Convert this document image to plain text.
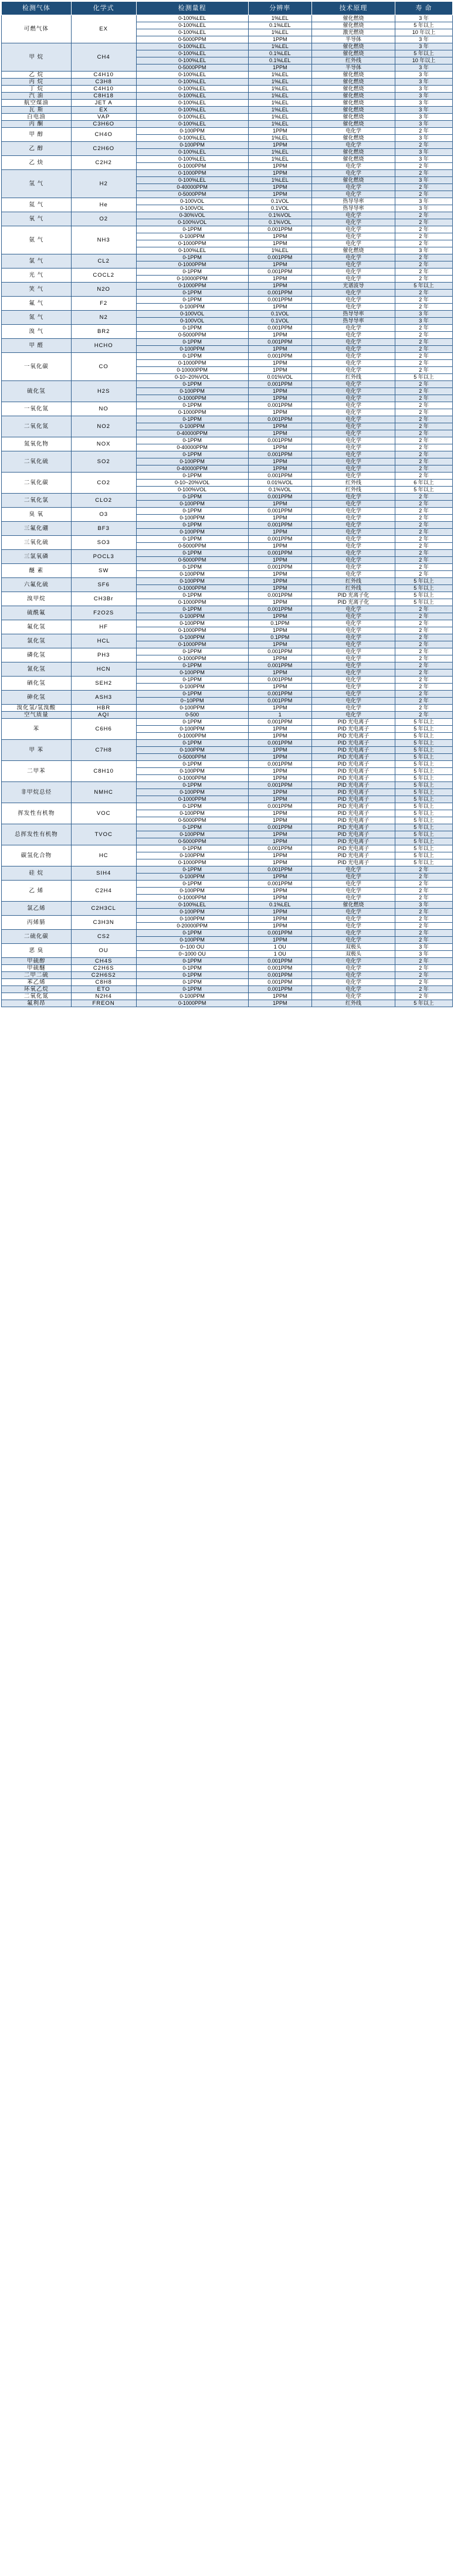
检测气体	化学式	检测量程	分辨率	技术原理	寿 命
可燃气体	EX	0-100%LEL	1%LEL	催化燃烧	3 年
		0-100%LEL	0.1%LEL	催化燃烧	5 年以上
		0-100%LEL	1%LEL	激光燃烧	10 年以上
		0-5000PPM	1PPM	半导体	3 年
甲 烷	CH4	0-100%LEL	1%LEL	催化燃烧	3 年
		0-100%LEL	0.1%LEL	催化燃烧	5 年以上
		0-100%LEL	0.1%LEL	红外线	10 年以上
		0-5000PPM	1PPM	半导体	3 年
乙 烷	C4H10	0-100%LEL	1%LEL	催化燃烧	3 年
丙 烷	C3H8	0-100%LEL	1%LEL	催化燃烧	3 年
丁 烷	C4H10	0-100%LEL	1%LEL	催化燃烧	3 年
汽 油	C8H18	0-100%LEL	1%LEL	催化燃烧	3 年
航空煤油	JET A	0-100%LEL	1%LEL	催化燃烧	3 年
瓦 斯	EX	0-100%LEL	1%LEL	催化燃烧	3 年
白电油	VAP	0-100%LEL	1%LEL	催化燃烧	3 年
丙 酮	C3H6O	0-100%LEL	1%LEL	催化燃烧	3 年
甲 醇	CH4O	0-100PPM	1PPM	电化学	2 年
		0-100%LEL	1%LEL	催化燃烧	3 年
乙 醇	C2H6O	0-100PPM	1PPM	电化学	2 年
		0-100%LEL	1%LEL	催化燃烧	3 年
乙 炔	C2H2	0-100%LEL	1%LEL	催化燃烧	3 年
		0-1000PPM	1PPM	电化学	2 年
氢 气	H2	0-1000PPM	1PPM	电化学	2 年
		0-100%LEL	1%LEL	催化燃烧	3 年
		0-40000PPM	1PPM	电化学	2 年
		0-5000PPM	1PPM	电化学	2 年
氦 气	He	0-100VOL	0.1VOL	热导导率	3 年
		0-100VOL	0.1VOL	热导导率	3 年
氧 气	O2	0-30%VOL	0.1%VOL	电化学	2 年
		0-100%VOL	0.1%VOL	电化学	2 年
氨 气	NH3	0-1PPM	0.001PPM	电化学	2 年
		0-100PPM	1PPM	电化学	2 年
		0-1000PPM	1PPM	电化学	2 年
		0-100%LEL	1%LEL	催化燃烧	3 年
氯 气	CL2	0-1PPM	0.001PPM	电化学	2 年
		0-1000PPM	1PPM	电化学	2 年
光 气	COCL2	0-1PPM	0.001PPM	电化学	2 年
		0-10000PPM	1PPM	电化学	2 年
笑 气	N2O	0-1000PPM	1PPM	光谱波导	5 年以上
		0-1PPM	0.001PPM	电化学	2 年
氟 气	F2	0-1PPM	0.001PPM	电化学	2 年
		0-100PPM	1PPM	电化学	2 年
氮 气	N2	0-100VOL	0.1VOL	热导导率	3 年
		0-100VOL	0.1VOL	热导导率	3 年
溴 气	BR2	0-1PPM	0.001PPM	电化学	2 年
		0-5000PPM	1PPM	电化学	2 年
甲 醛	HCHO	0-1PPM	0.001PPM	电化学	2 年
		0-100PPM	1PPM	电化学	2 年
一氧化碳	CO	0-1PPM	0.001PPM	电化学	2 年
		0-1000PPM	1PPM	电化学	2 年
		0-10000PPM	1PPM	电化学	2 年
		0-10~20%VOL	0.01%VOL	红外线	5 年以上
硫化氢	H2S	0-1PPM	0.001PPM	电化学	2 年
		0-100PPM	1PPM	电化学	2 年
		0-1000PPM	1PPM	电化学	2 年
一氧化氮	NO	0-1PPM	0.001PPM	电化学	2 年
		0-1000PPM	1PPM	电化学	2 年
二氧化氮	NO2	0-1PPM	0.001PPM	电化学	2 年
		0-100PPM	1PPM	电化学	2 年
		0-40000PPM	1PPM	电化学	2 年
氮氧化物	NOX	0-1PPM	0.001PPM	电化学	2 年
		0-40000PPM	1PPM	电化学	2 年
二氧化硫	SO2	0-1PPM	0.001PPM	电化学	2 年
		0-100PPM	1PPM	电化学	2 年
		0-40000PPM	1PPM	电化学	2 年
二氧化碳	CO2	0-1PPM	0.001PPM	电化学	2 年
		0-10~20%VOL	0.01%VOL	红外线	6 年以上
		0-100%VOL	0.1%VOL	红外线	5 年以上
二氧化氯	CLO2	0-1PPM	0.001PPM	电化学	2 年
		0-100PPM	1PPM	电化学	2 年
臭 氧	O3	0-1PPM	0.001PPM	电化学	2 年
		0-100PPM	1PPM	电化学	2 年
三氟化硼	BF3	0-1PPM	0.001PPM	电化学	2 年
		0-100PPM	1PPM	电化学	2 年
三氧化硫	SO3	0-1PPM	0.001PPM	电化学	2 年
		0-5000PPM	1PPM	电化学	2 年
三氯氧磷	POCL3	0-1PPM	0.001PPM	电化学	2 年
		0-5000PPM	1PPM	电化学	2 年
醚 素	SW	0-1PPM	0.001PPM	电化学	2 年
		0-100PPM	1PPM	电化学	2 年
六氟化硫	SF6	0-100PPM	1PPM	红外线	5 年以上
		0-1000PPM	1PPM	红外线	5 年以上
溴甲烷	CH3Br	0-1PPM	0.001PPM	PID 光离子化	5 年以上
		0-1000PPM	1PPM	PID 光离子化	5 年以上
硫酰氟	F2O2S	0-1PPM	0.001PPM	电化学	2 年
		0-100PPM	1PPM	电化学	2 年
氟化氢	HF	0-100PPM	0.1PPM	电化学	2 年
		0-1000PPM	1PPM	电化学	2 年
氯化氢	HCL	0-100PPM	0.1PPM	电化学	2 年
		0-1000PPM	1PPM	电化学	2 年
磷化氢	PH3	0-1PPM	0.001PPM	电化学	2 年
		0-1000PPM	1PPM	电化学	2 年
氰化氢	HCN	0-1PPM	0.001PPM	电化学	2 年
		0-100PPM	1PPM	电化学	2 年
硒化氢	SEH2	0-1PPM	0.001PPM	电化学	2 年
		0-100PPM	1PPM	电化学	2 年
砷化氢	ASH3	0-1PPM	0.001PPM	电化学	2 年
		0~10PPM	0.001PPM	电化学	2 年
溴化氢/氢溴酸	HBR	0-100PPM	1PPM	电化学	2 年
空气质量	AQI	0-500	1	电化学	2 年
苯	C6H6	0-1PPM	0.001PPM	PID 光电离子	5 年以上
		0-100PPM	1PPM	PID 光电离子	5 年以上
		0-1000PPM	1PPM	PID 光电离子	5 年以上
甲 苯	C7H8	0-1PPM	0.001PPM	PID 光电离子	5 年以上
		0-100PPM	1PPM	PID 光电离子	5 年以上
		0-5000PPM	1PPM	PID 光电离子	5 年以上
二甲苯	C8H10	0-1PPM	0.001PPM	PID 光电离子	5 年以上
		0-100PPM	1PPM	PID 光电离子	5 年以上
		0-1000PPM	1PPM	PID 光电离子	5 年以上
非甲烷总烃	NMHC	0-1PPM	0.001PPM	PID 光电离子	5 年以上
		0-100PPM	1PPM	PID 光电离子	5 年以上
		0-1000PPM	1PPM	PID 光电离子	5 年以上
挥发性有机物	VOC	0-1PPM	0.001PPM	PID 光电离子	5 年以上
		0-100PPM	1PPM	PID 光电离子	5 年以上
		0-5000PPM	1PPM	PID 光电离子	5 年以上
总挥发性有机物	TVOC	0-1PPM	0.001PPM	PID 光电离子	5 年以上
		0-100PPM	1PPM	PID 光电离子	5 年以上
		0-5000PPM	1PPM	PID 光电离子	5 年以上
碳氢化合物	HC	0-1PPM	0.001PPM	PID 光电离子	5 年以上
		0-100PPM	1PPM	PID 光电离子	5 年以上
		0-1000PPM	1PPM	PID 光电离子	5 年以上
硅 烷	SIH4	0-1PPM	0.001PPM	电化学	2 年
		0-100PPM	1PPM	电化学	2 年
乙 烯	C2H4	0-1PPM	0.001PPM	电化学	2 年
		0-100PPM	1PPM	电化学	2 年
		0-1000PPM	1PPM	电化学	2 年
氯乙烯	C2H3CL	0-100%LEL	0.1%LEL	催化燃烧	3 年
		0-100PPM	1PPM	电化学	2 年
丙烯腈	C3H3N	0-100PPM	1PPM	电化学	2 年
		0-20000PPM	1PPM	电化学	2 年
二硫化碳	CS2	0-1PPM	0.001PPM	电化学	2 年
		0-100PPM	1PPM	电化学	2 年
恶 臭	OU	0~100 OU	1 OU	双极头	3 年
		0~1000 OU	1 OU	双极头	3 年
甲硫醇	CH4S	0-1PPM	0.001PPM	电化学	2 年
甲硫醚	C2H6S	0-1PPM	0.001PPM	电化学	2 年
二甲二硫	C2H6S2	0-1PPM	0.001PPM	电化学	2 年
苯乙烯	C8H8	0-1PPM	0.001PPM	电化学	2 年
环氧乙烷	ETO	0-1PPM	0.001PPM	电化学	2 年
二氧化氮	N2H4	0-100PPM	1PPM	电化学	2 年
氟利昂	FREON	0-1000PPM	1PPM	红外线	5 年以上
